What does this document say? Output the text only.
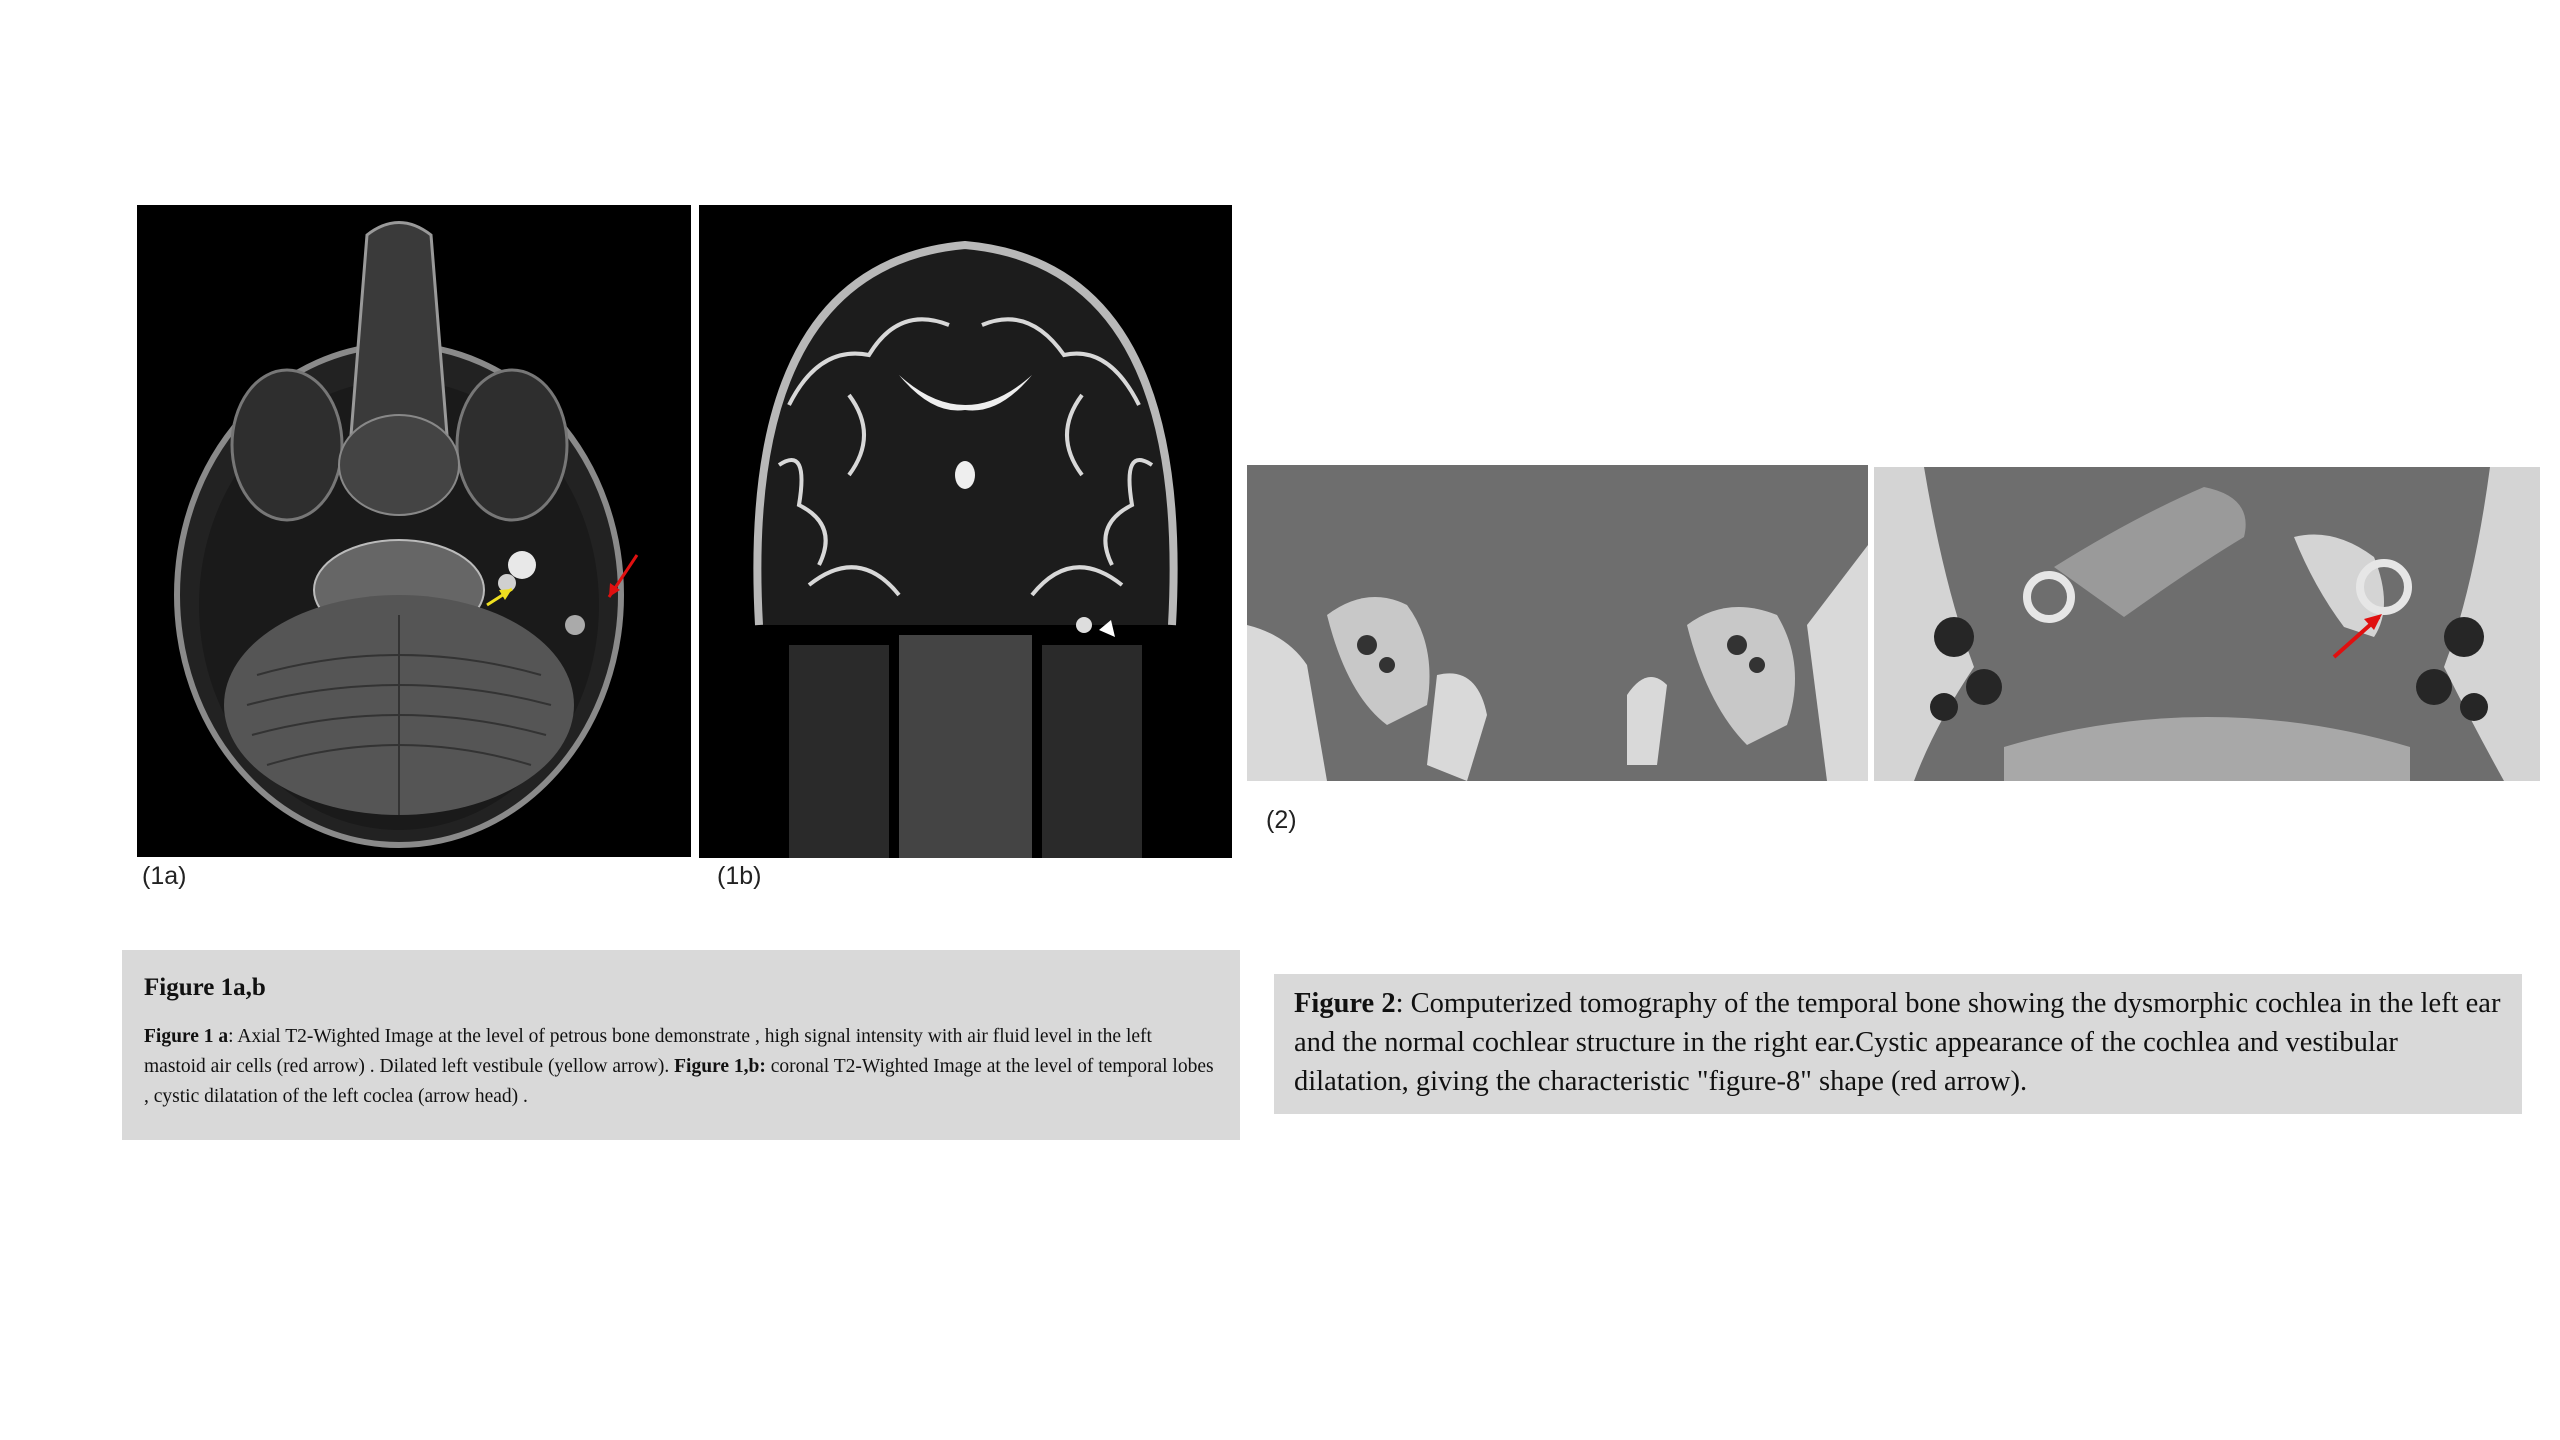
(1a)	(1b)
(2)
Figure 1a,b
Figure 1 a: Axial T2-Wighted Image at the level of petrous bone demonstrate , high signal intensity with air fluid level in the left mastoid air cells (red arrow) . Dilated left vestibule (yellow arrow). Figure 1,b: coronal T2-Wighted Image at the level of temporal lobes , cystic dilatation of the left coclea (arrow head) .
Figure 2: Computerized tomography of the temporal bone showing the dysmorphic cochlea in the left ear and the normal cochlear structure in the right ear.Cystic appearance of the cochlea and vestibular dilatation, giving the characteristic "figure-8" shape (red arrow).
